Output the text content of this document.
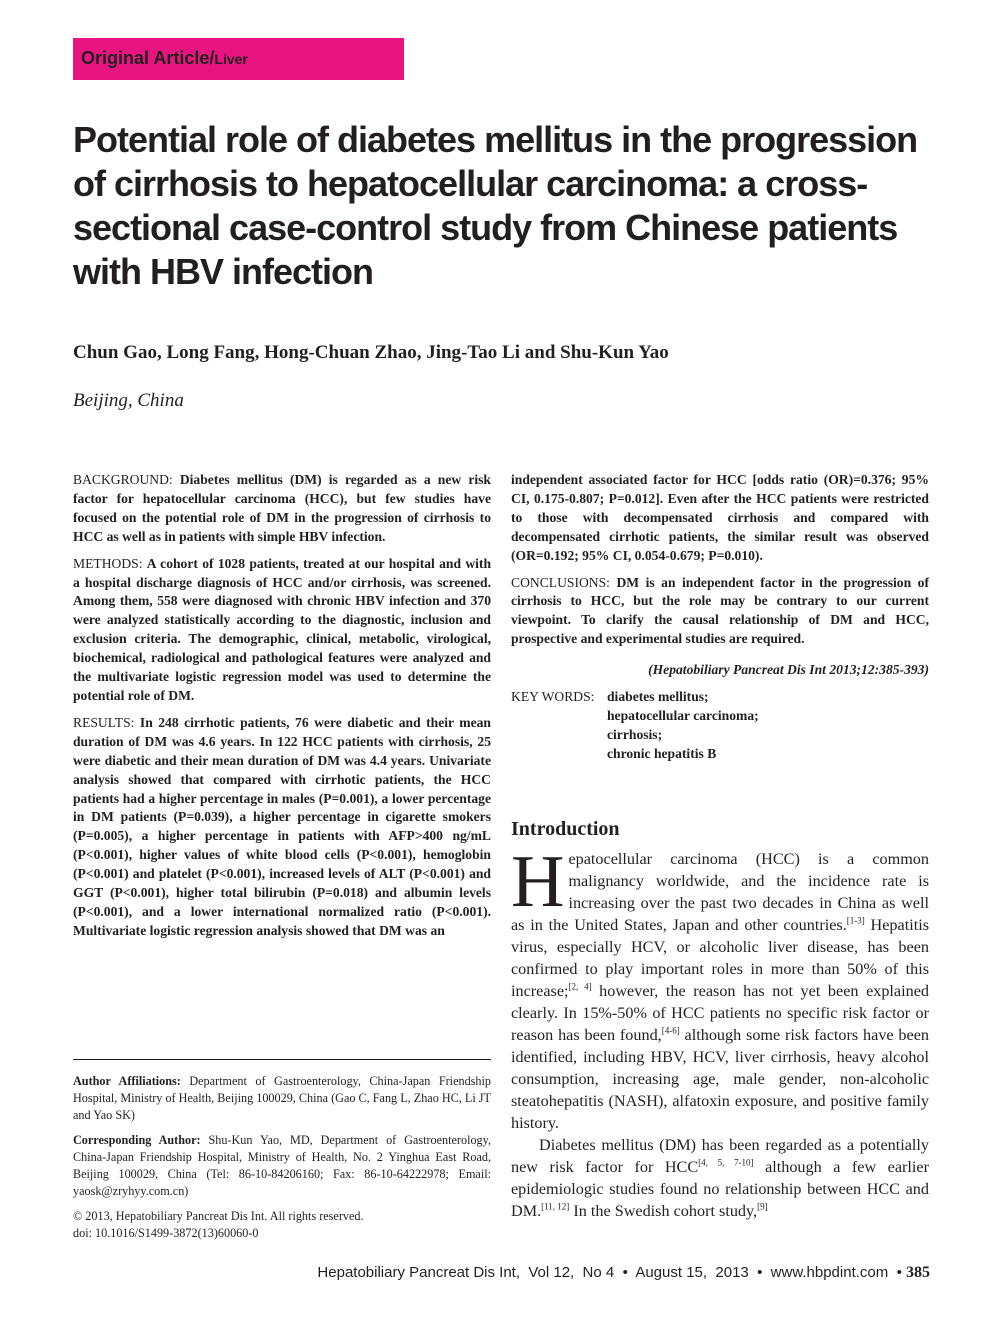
Original Article/Liver
Potential role of diabetes mellitus in the progression of cirrhosis to hepatocellular carcinoma: a cross-sectional case-control study from Chinese patients with HBV infection
Chun Gao, Long Fang, Hong-Chuan Zhao, Jing-Tao Li and Shu-Kun Yao
Beijing, China

BACKGROUND: Diabetes mellitus (DM) is regarded as a new risk factor for hepatocellular carcinoma (HCC), but few studies have focused on the potential role of DM in the progression of cirrhosis to HCC as well as in patients with simple HBV infection.

METHODS: A cohort of 1028 patients, treated at our hospital and with a hospital discharge diagnosis of HCC and/or cirrhosis, was screened. Among them, 558 were diagnosed with chronic HBV infection and 370 were analyzed statistically according to the diagnostic, inclusion and exclusion criteria. The demographic, clinical, metabolic, virological, biochemical, radiological and pathological features were analyzed and the multivariate logistic regression model was used to determine the potential role of DM.

RESULTS: In 248 cirrhotic patients, 76 were diabetic and their mean duration of DM was 4.6 years. In 122 HCC patients with cirrhosis, 25 were diabetic and their mean duration of DM was 4.4 years. Univariate analysis showed that compared with cirrhotic patients, the HCC patients had a higher percentage in males (P=0.001), a lower percentage in DM patients (P=0.039), a higher percentage in cigarette smokers (P=0.005), a higher percentage in patients with AFP>400 ng/mL (P<0.001), higher values of white blood cells (P<0.001), hemoglobin (P<0.001) and platelet (P<0.001), increased levels of ALT (P<0.001) and GGT (P<0.001), higher total bilirubin (P=0.018) and albumin levels (P<0.001), and a lower international normalized ratio (P<0.001). Multivariate logistic regression analysis showed that DM was an

independent associated factor for HCC [odds ratio (OR)=0.376; 95% CI, 0.175-0.807; P=0.012]. Even after the HCC patients were restricted to those with decompensated cirrhosis and compared with decompensated cirrhotic patients, the similar result was observed (OR=0.192; 95% CI, 0.054-0.679; P=0.010).

CONCLUSIONS: DM is an independent factor in the progression of cirrhosis to HCC, but the role may be contrary to our current viewpoint. To clarify the causal relationship of DM and HCC, prospective and experimental studies are required.

(Hepatobiliary Pancreat Dis Int 2013;12:385-393)
KEY WORDS: diabetes mellitus;
hepatocellular carcinoma;
cirrhosis;
chronic hepatitis B
Introduction

Hepatocellular carcinoma (HCC) is a common malignancy worldwide, and the incidence rate is increasing over the past two decades in China as well as in the United States, Japan and other countries.[1-3] Hepatitis virus, especially HCV, or alcoholic liver disease, has been confirmed to play important roles in more than 50% of this increase;[2, 4] however, the reason has not yet been explained clearly. In 15%-50% of HCC patients no specific risk factor or reason has been found,[4-6] although some risk factors have been identified, including HBV, HCV, liver cirrhosis, heavy alcohol consumption, increasing age, male gender, non-alcoholic steatohepatitis (NASH), alfatoxin exposure, and positive family history.

Diabetes mellitus (DM) has been regarded as a potentially new risk factor for HCC[4, 5, 7-10] although a few earlier epidemiologic studies found no relationship between HCC and DM.[11, 12] In the Swedish cohort study,[9]

Author Affiliations: Department of Gastroenterology, China-Japan Friendship Hospital, Ministry of Health, Beijing 100029, China (Gao C, Fang L, Zhao HC, Li JT and Yao SK)

Corresponding Author: Shu-Kun Yao, MD, Department of Gastroenterology, China-Japan Friendship Hospital, Ministry of Health, No. 2 Yinghua East Road, Beijing 100029, China (Tel: 86-10-84206160; Fax: 86-10-64222978; Email: yaosk@zryhyy.com.cn)

© 2013, Hepatobiliary Pancreat Dis Int. All rights reserved.
doi: 10.1016/S1499-3872(13)60060-0
Hepatobiliary Pancreat Dis Int,  Vol 12,  No 4  •  August 15,  2013  •  www.hbpdint.com  • 385
